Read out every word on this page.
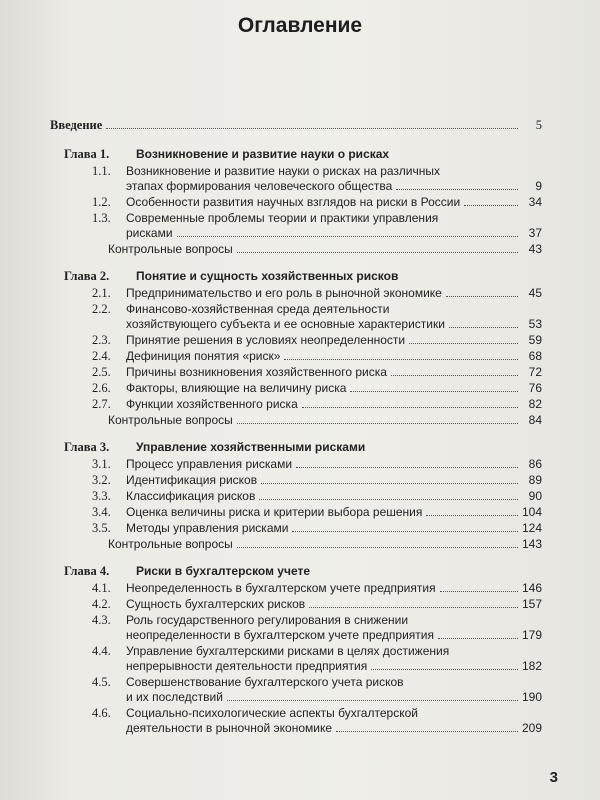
Оглавление
Введение	5
Глава 1.	Возникновение и развитие науки о рисках
1.1.	Возникновение и развитие науки о рисках на различных
этапах формирования человеческого общества	9
1.2.	Особенности развития научных взглядов на риски в России	34
1.3.	Современные проблемы теории и практики управления
рисками	37
Контрольные вопросы	43
Глава 2.	Понятие и сущность хозяйственных рисков
2.1.	Предпринимательство и его роль в рыночной экономике	45
2.2.	Финансово-хозяйственная среда деятельности
хозяйствующего субъекта и ее основные характеристики	53
2.3.	Принятие решения в условиях неопределенности	59
2.4.	Дефиниция понятия «риск»	68
2.5.	Причины возникновения хозяйственного риска	72
2.6.	Факторы, влияющие на величину риска	76
2.7.	Функции хозяйственного риска	82
Контрольные вопросы	84
Глава 3.	Управление хозяйственными рисками
3.1.	Процесс управления рисками	86
3.2.	Идентификация рисков	89
3.3.	Классификация рисков	90
3.4.	Оценка величины риска и критерии выбора решения	104
3.5.	Методы управления рисками	124
Контрольные вопросы	143
Глава 4.	Риски в бухгалтерском учете
4.1.	Неопределенность в бухгалтерском учете предприятия	146
4.2.	Сущность бухгалтерских рисков	157
4.3.	Роль государственного регулирования в снижении
неопределенности в бухгалтерском учете предприятия	179
4.4.	Управление бухгалтерскими рисками в целях достижения
непрерывности деятельности предприятия	182
4.5.	Совершенствование бухгалтерского учета рисков
и их последствий	190
4.6.	Социально-психологические аспекты бухгалтерской
деятельности в рыночной экономике	209
3
